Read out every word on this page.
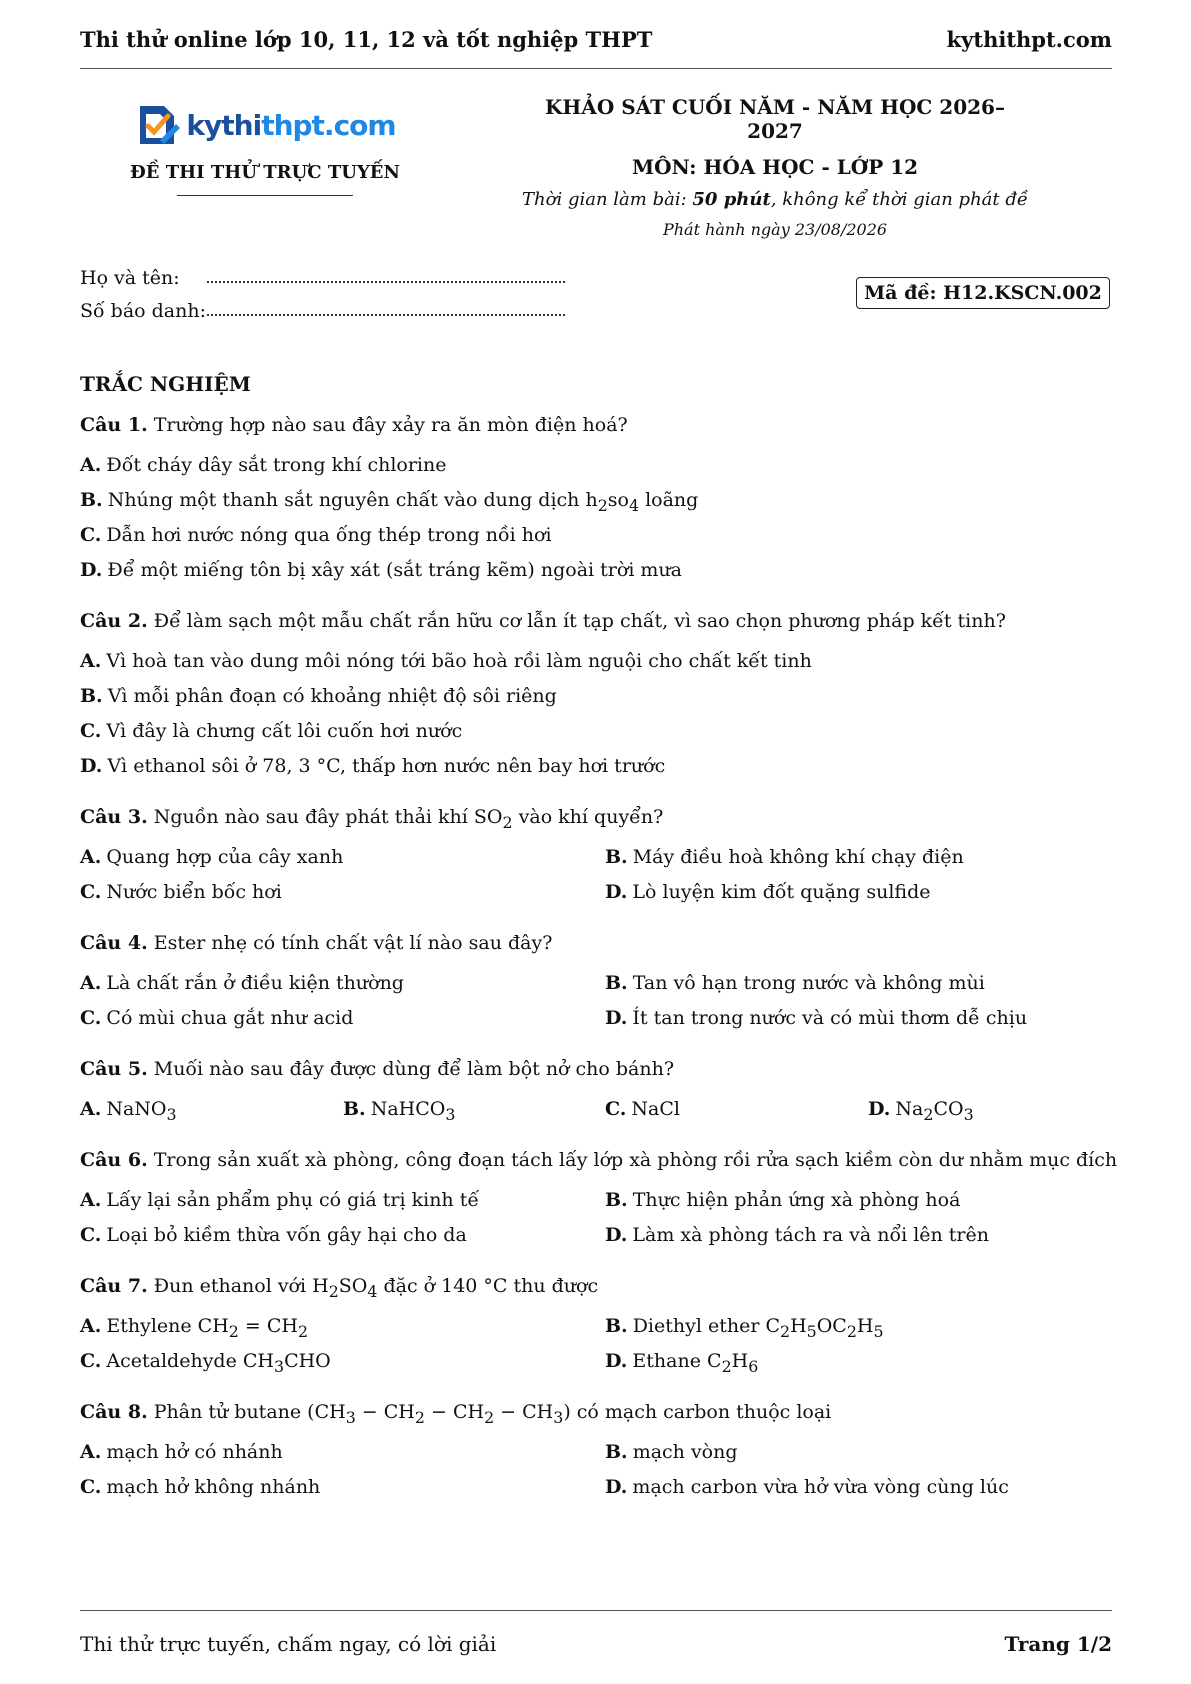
Thi thử online lớp 10, 11, 12 và tốt nghiệp THPT	kythithpt.com
kythithpt.com
ĐỀ THI THỬ TRỰC TUYẾN
KHẢO SÁT CUỐI NĂM - NĂM HỌC 2026–2027
MÔN: HÓA HỌC - LỚP 12
Thời gian làm bài: 50 phút, không kể thời gian phát đề
Phát hành ngày 23/08/2026
Họ và tên:
Số báo danh:
Mã đề: H12.KSCN.002
TRẮC NGHIỆM
Câu 1. Trường hợp nào sau đây xảy ra ăn mòn điện hoá?
A. Đốt cháy dây sắt trong khí chlorine
B. Nhúng một thanh sắt nguyên chất vào dung dịch $h_2so_4$ loãng
C. Dẫn hơi nước nóng qua ống thép trong nồi hơi
D. Để một miếng tôn bị xây xát (sắt tráng kẽm) ngoài trời mưa
Câu 2. Để làm sạch một mẫu chất rắn hữu cơ lẫn ít tạp chất, vì sao chọn phương pháp kết tinh?
A. Vì hoà tan vào dung môi nóng tới bão hoà rồi làm nguội cho chất kết tinh
B. Vì mỗi phân đoạn có khoảng nhiệt độ sôi riêng
C. Vì đây là chưng cất lôi cuốn hơi nước
D. Vì ethanol sôi ở 78, 3 °C, thấp hơn nước nên bay hơi trước
Câu 3. Nguồn nào sau đây phát thải khí $SO_2$ vào khí quyển?
A. Quang hợp của cây xanh	B. Máy điều hoà không khí chạy điện
C. Nước biển bốc hơi	D. Lò luyện kim đốt quặng sulfide
Câu 4. Ester nhẹ có tính chất vật lí nào sau đây?
A. Là chất rắn ở điều kiện thường	B. Tan vô hạn trong nước và không mùi
C. Có mùi chua gắt như acid	D. Ít tan trong nước và có mùi thơm dễ chịu
Câu 5. Muối nào sau đây được dùng để làm bột nở cho bánh?
A. NaNO$_3$	B. NaHCO$_3$	C. NaCl	D. $Na_2CO_3$
Câu 6. Trong sản xuất xà phòng, công đoạn tách lấy lớp xà phòng rồi rửa sạch kiềm còn dư nhằm mục đích
A. Lấy lại sản phẩm phụ có giá trị kinh tế	B. Thực hiện phản ứng xà phòng hoá
C. Loại bỏ kiềm thừa vốn gây hại cho da	D. Làm xà phòng tách ra và nổi lên trên
Câu 7. Đun ethanol với $H_2SO_4$ đặc ở 140 °C thu được
A. Ethylene $CH_2 = CH_2$	B. Diethyl ether $C_2H_5OC_2H_5$
C. Acetaldehyde $CH_3CHO$	D. Ethane $C_2H_6$
Câu 8. Phân tử butane $(CH_3 - CH_2 - CH_2 - CH_3)$ có mạch carbon thuộc loại
A. mạch hở có nhánh	B. mạch vòng
C. mạch hở không nhánh	D. mạch carbon vừa hở vừa vòng cùng lúc
Thi thử trực tuyến, chấm ngay, có lời giải	Trang 1/2
